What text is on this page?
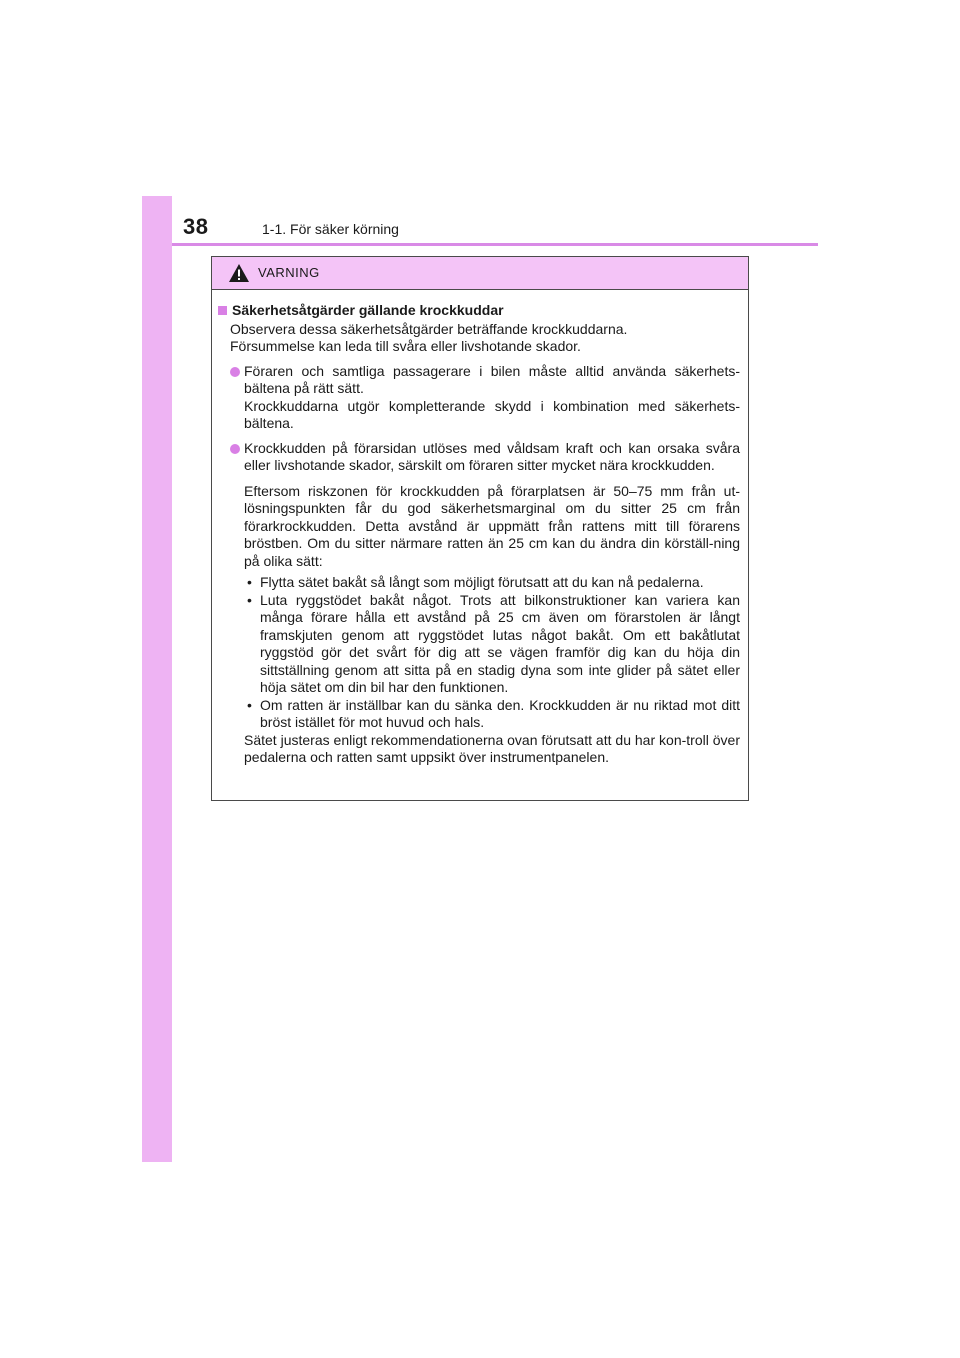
38	1-1. För säker körning
VARNING
Säkerhetsåtgärder gällande krockkuddar

Observera dessa säkerhetsåtgärder beträffande krockkuddarna.

Försummelse kan leda till svåra eller livshotande skador.

Föraren och samtliga passagerare i bilen måste alltid använda säkerhets-bältena på rätt sätt.

Krockkuddarna utgör kompletterande skydd i kombination med säkerhets-bältena.

Krockkudden på förarsidan utlöses med våldsam kraft och kan orsaka svåra eller livshotande skador, särskilt om föraren sitter mycket nära krockkudden.

Eftersom riskzonen för krockkudden på förarplatsen är 50–75 mm från ut-lösningspunkten får du god säkerhetsmarginal om du sitter 25 cm från förarkrockkudden. Detta avstånd är uppmätt från rattens mitt till förarens bröstben. Om du sitter närmare ratten än 25 cm kan du ändra din körställ-ning på olika sätt:

• Flytta sätet bakåt så långt som möjligt förutsatt att du kan nå pedalerna.
• Luta ryggstödet bakåt något. Trots att bilkonstruktioner kan variera kan många förare hålla ett avstånd på 25 cm även om förarstolen är långt framskjuten genom att ryggstödet lutas något bakåt. Om ett bakåtlutat ryggstöd gör det svårt för dig att se vägen framför dig kan du höja din sittställning genom att sitta på en stadig dyna som inte glider på sätet eller höja sätet om din bil har den funktionen.
• Om ratten är inställbar kan du sänka den. Krockkudden är nu riktad mot ditt bröst istället för mot huvud och hals.

Sätet justeras enligt rekommendationerna ovan förutsatt att du har kon-troll över pedalerna och ratten samt uppsikt över instrumentpanelen.
